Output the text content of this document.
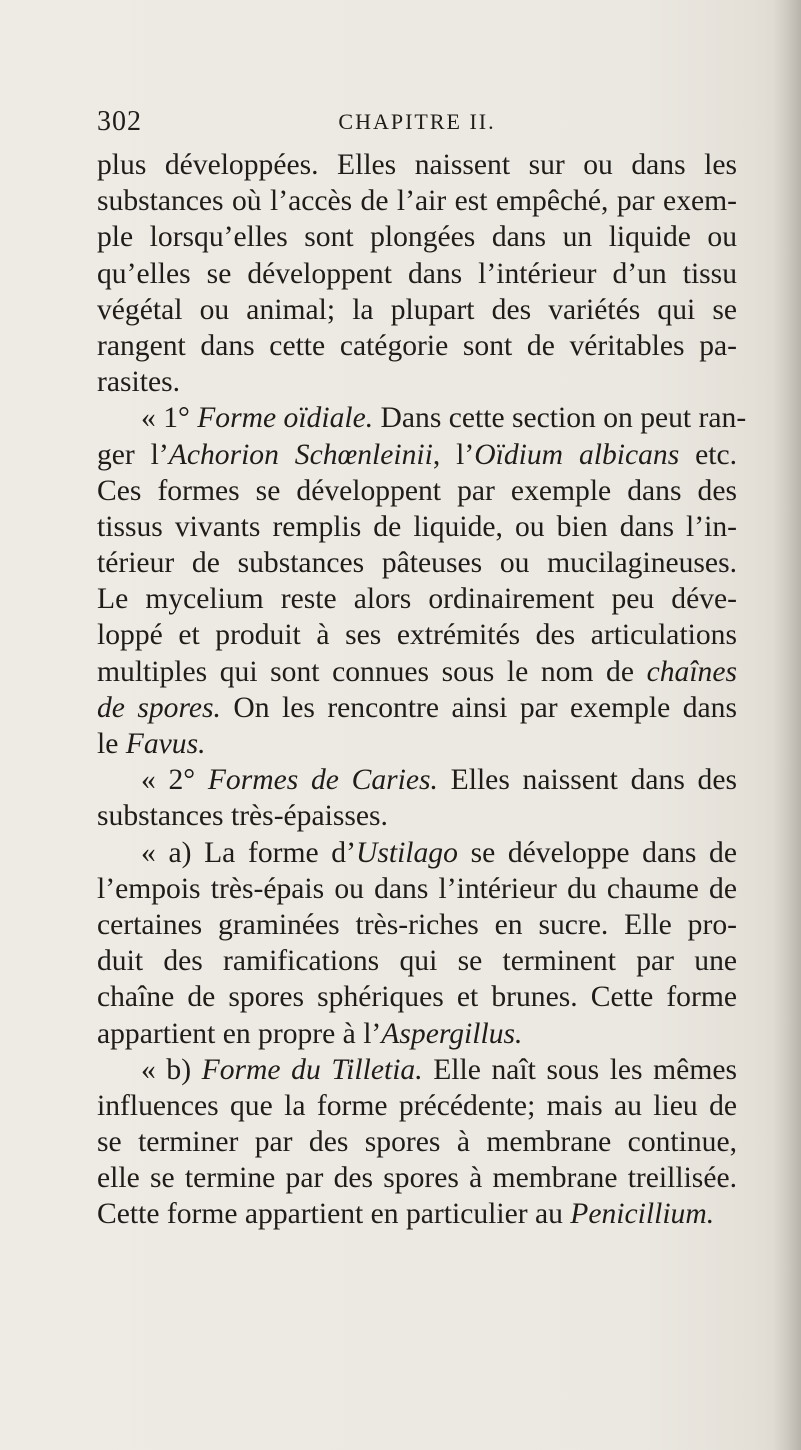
302	CHAPITRE II.
plus développées. Elles naissent sur ou dans les
substances où l’accès de l’air est empêché, par exem-
ple lorsqu’elles sont plongées dans un liquide ou
qu’elles se développent dans l’intérieur d’un tissu
végétal ou animal; la plupart des variétés qui se
rangent dans cette catégorie sont de véritables pa-
rasites.
« 1° Forme oïdiale. Dans cette section on peut ran-
ger l’Achorion Schœnleinii, l’Oïdium albicans etc.
Ces formes se développent par exemple dans des
tissus vivants remplis de liquide, ou bien dans l’in-
térieur de substances pâteuses ou mucilagineuses.
Le mycelium reste alors ordinairement peu déve-
loppé et produit à ses extrémités des articulations
multiples qui sont connues sous le nom de chaînes
de spores. On les rencontre ainsi par exemple dans
le Favus.
« 2° Formes de Caries. Elles naissent dans des
substances très-épaisses.
« a) La forme d’Ustilago se développe dans de
l’empois très-épais ou dans l’intérieur du chaume de
certaines graminées très-riches en sucre. Elle pro-
duit des ramifications qui se terminent par une
chaîne de spores sphériques et brunes. Cette forme
appartient en propre à l’Aspergillus.
« b) Forme du Tilletia. Elle naît sous les mêmes
influences que la forme précédente; mais au lieu de
se terminer par des spores à membrane continue,
elle se termine par des spores à membrane treillisée.
Cette forme appartient en particulier au Penicillium.
